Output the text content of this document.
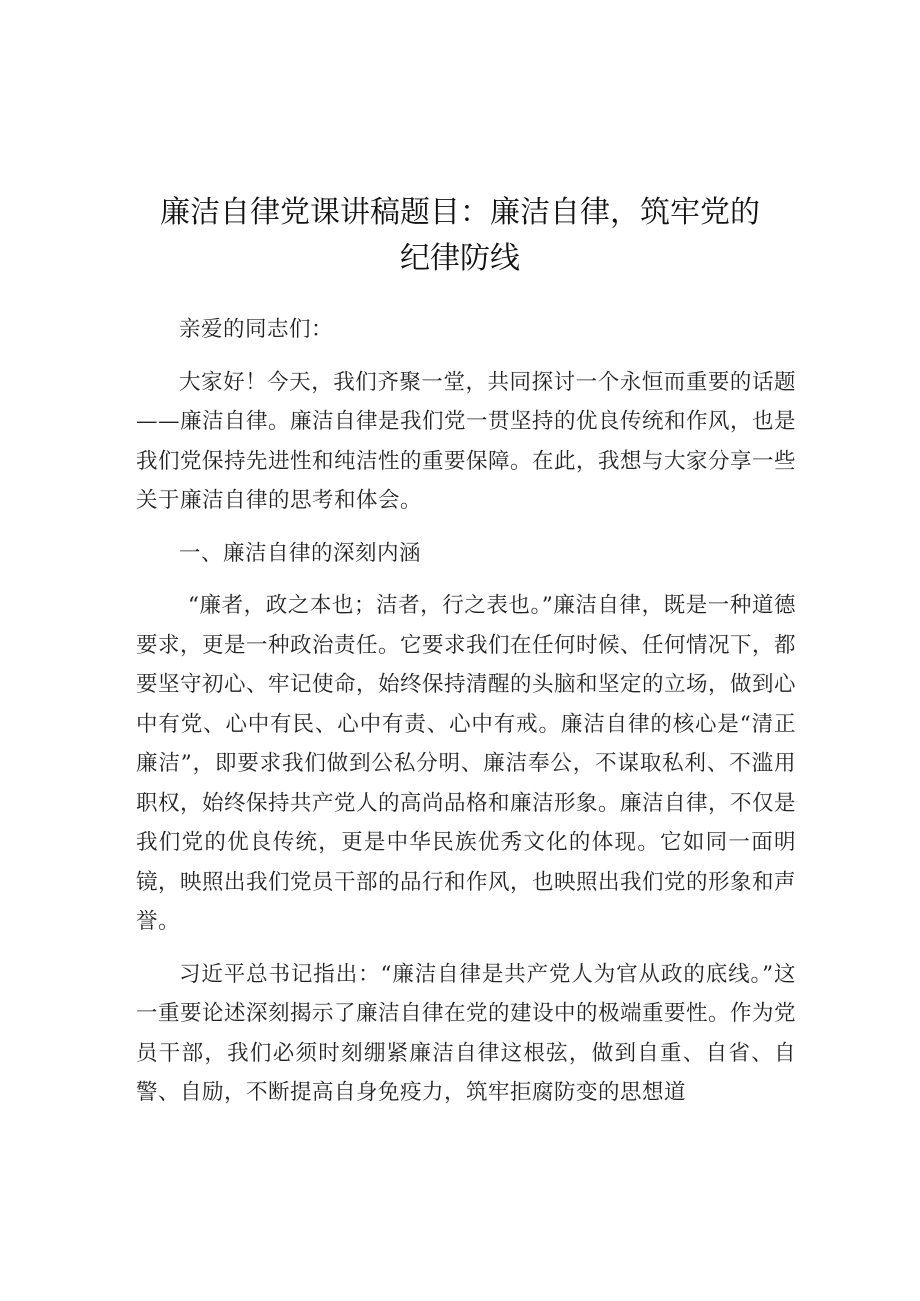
廉洁自律党课讲稿题目：廉洁自律，筑牢党的
纪律防线

亲爱的同志们：

大家好！今天，我们齐聚一堂，共同探讨一个永恒而重要的话题——廉洁自律。廉洁自律是我们党一贯坚持的优良传统和作风，也是我们党保持先进性和纯洁性的重要保障。在此，我想与大家分享一些关于廉洁自律的思考和体会。

一、廉洁自律的深刻内涵

“廉者，政之本也；洁者，行之表也。”廉洁自律，既是一种道德要求，更是一种政治责任。它要求我们在任何时候、任何情况下，都要坚守初心、牢记使命，始终保持清醒的头脑和坚定的立场，做到心中有党、心中有民、心中有责、心中有戒。廉洁自律的核心是“清正廉洁”，即要求我们做到公私分明、廉洁奉公，不谋取私利、不滥用职权，始终保持共产党人的高尚品格和廉洁形象。廉洁自律，不仅是我们党的优良传统，更是中华民族优秀文化的体现。它如同一面明镜，映照出我们党员干部的品行和作风，也映照出我们党的形象和声誉。

习近平总书记指出：“廉洁自律是共产党人为官从政的底线。”这一重要论述深刻揭示了廉洁自律在党的建设中的极端重要性。作为党员干部，我们必须时刻绷紧廉洁自律这根弦，做到自重、自省、自警、自励，不断提高自身免疫力，筑牢拒腐防变的思想道
